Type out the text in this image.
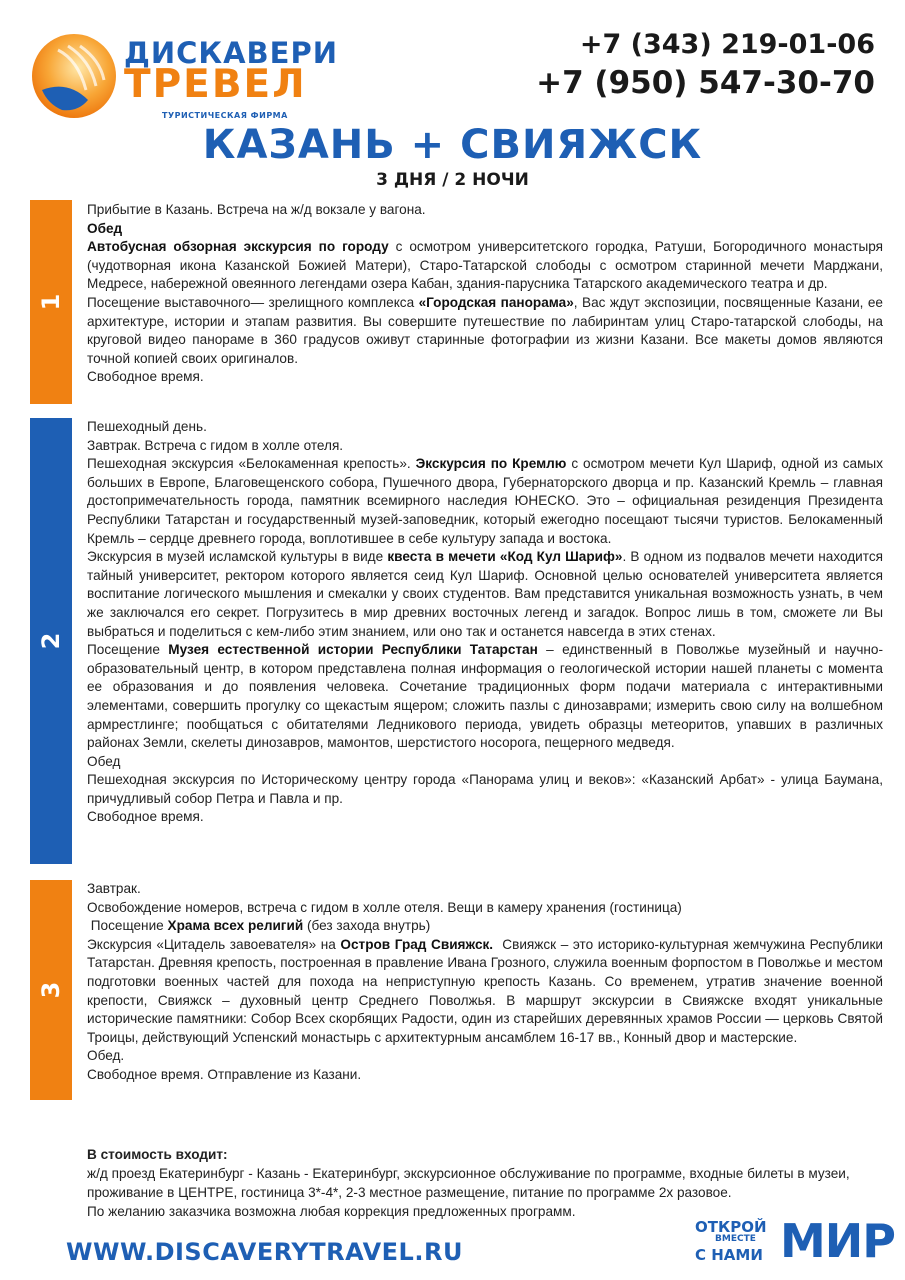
ДИСКАВЕРИ
ТРЕВЕЛ
ТУРИСТИЧЕСКАЯ ФИРМА
+7 (343) 219-01-06
+7 (950) 547-30-70
КАЗАНЬ + СВИЯЖСК
3 ДНЯ / 2 НОЧИ
1

Прибытие в Казань. Встреча на ж/д вокзале у вагона.

Обед

Автобусная обзорная экскурсия по городу с осмотром университетского городка, Ратуши, Богородичного монастыря (чудотворная икона Казанской Божией Матери), Старо-Татарской слободы с осмотром старинной мечети Марджани, Медресе, набережной овеянного легендами озера Кабан, здания-парусника Татарского академического театра и др.

Посещение выставочного— зрелищного комплекса «Городская панорама», Вас ждут экспозиции, посвященные Казани, ее архитектуре, истории и этапам развития. Вы совершите путешествие по лабиринтам улиц Старо-татарской слободы, на круговой видео панораме в 360 градусов оживут старинные фотографии из жизни Казани. Все макеты домов являются точной копией своих оригиналов.

Свободное время.

2

Пешеходный день.

Завтрак. Встреча с гидом в холле отеля.

Пешеходная экскурсия «Белокаменная крепость». Экскурсия по Кремлю с осмотром мечети Кул Шариф, одной из самых больших в Европе, Благовещенского собора, Пушечного двора, Губернаторского дворца и пр. Казанский Кремль – главная достопримечательность города, памятник всемирного наследия ЮНЕСКО. Это – официальная резиденция Президента Республики Татарстан и государственный музей-заповедник, который ежегодно посещают тысячи туристов. Белокаменный Кремль – сердце древнего города, воплотившее в себе культуру запада и востока.

Экскурсия в музей исламской культуры в виде квеста в мечети «Код Кул Шариф». В одном из подвалов мечети находится тайный университет, ректором которого является сеид Кул Шариф. Основной целью основателей университета является воспитание логического мышления и смекалки у своих студентов. Вам представится уникальная возможность узнать, в чем же заключался его секрет. Погрузитесь в мир древних восточных легенд и загадок. Вопрос лишь в том, сможете ли Вы выбраться и поделиться с кем-либо этим знанием, или оно так и останется навсегда в этих стенах.

Посещение Музея естественной истории Республики Татарстан – единственный в Поволжье музейный и научно-образовательный центр, в котором представлена полная информация о геологической истории нашей планеты с момента ее образования и до появления человека. Сочетание традиционных форм подачи материала с интерактивными элементами, совершить прогулку со щекастым ящером; сложить пазлы с динозаврами; измерить свою силу на волшебном армрестлинге; пообщаться с обитателями Ледникового периода, увидеть образцы метеоритов, упавших в различных районах Земли, скелеты динозавров, мамонтов, шерстистого носорога, пещерного медведя.

Обед

Пешеходная экскурсия по Историческому центру города «Панорама улиц и веков»: «Казанский Арбат» - улица Баумана, причудливый собор Петра и Павла и пр.

Свободное время.

3

Завтрак.

Освобождение номеров, встреча с гидом в холле отеля. Вещи в камеру хранения (гостиница)

Посещение Храма всех религий (без захода внутрь)

Экскурсия «Цитадель завоевателя» на Остров Град Свияжск. Свияжск – это историко-культурная жемчужина Республики Татарстан. Древняя крепость, построенная в правление Ивана Грозного, служила военным форпостом в Поволжье и местом подготовки военных частей для похода на неприступную крепость Казань. Со временем, утратив значение военной крепости, Свияжск – духовный центр Среднего Поволжья. В маршрут экскурсии в Свияжске входят уникальные исторические памятники: Собор Всех скорбящих Радости, один из старейших деревянных храмов России — церковь Святой Троицы, действующий Успенский монастырь с архитектурным ансамблем 16-17 вв., Конный двор и мастерские.

Обед.

Свободное время. Отправление из Казани.

В стоимость входит:

ж/д проезд Екатеринбург - Казань - Екатеринбург, экскурсионное обслуживание по программе, входные билеты в музеи, проживание в ЦЕНТРЕ, гостиница 3*-4*, 2-3 местное размещение, питание по программе 2х разовое.

По желанию заказчика возможна любая коррекция предложенных программ.

WWW.DISCAVERYTRAVEL.RU
ОТКРОЙ
ВМЕСТЕ
С НАМИ МИР
